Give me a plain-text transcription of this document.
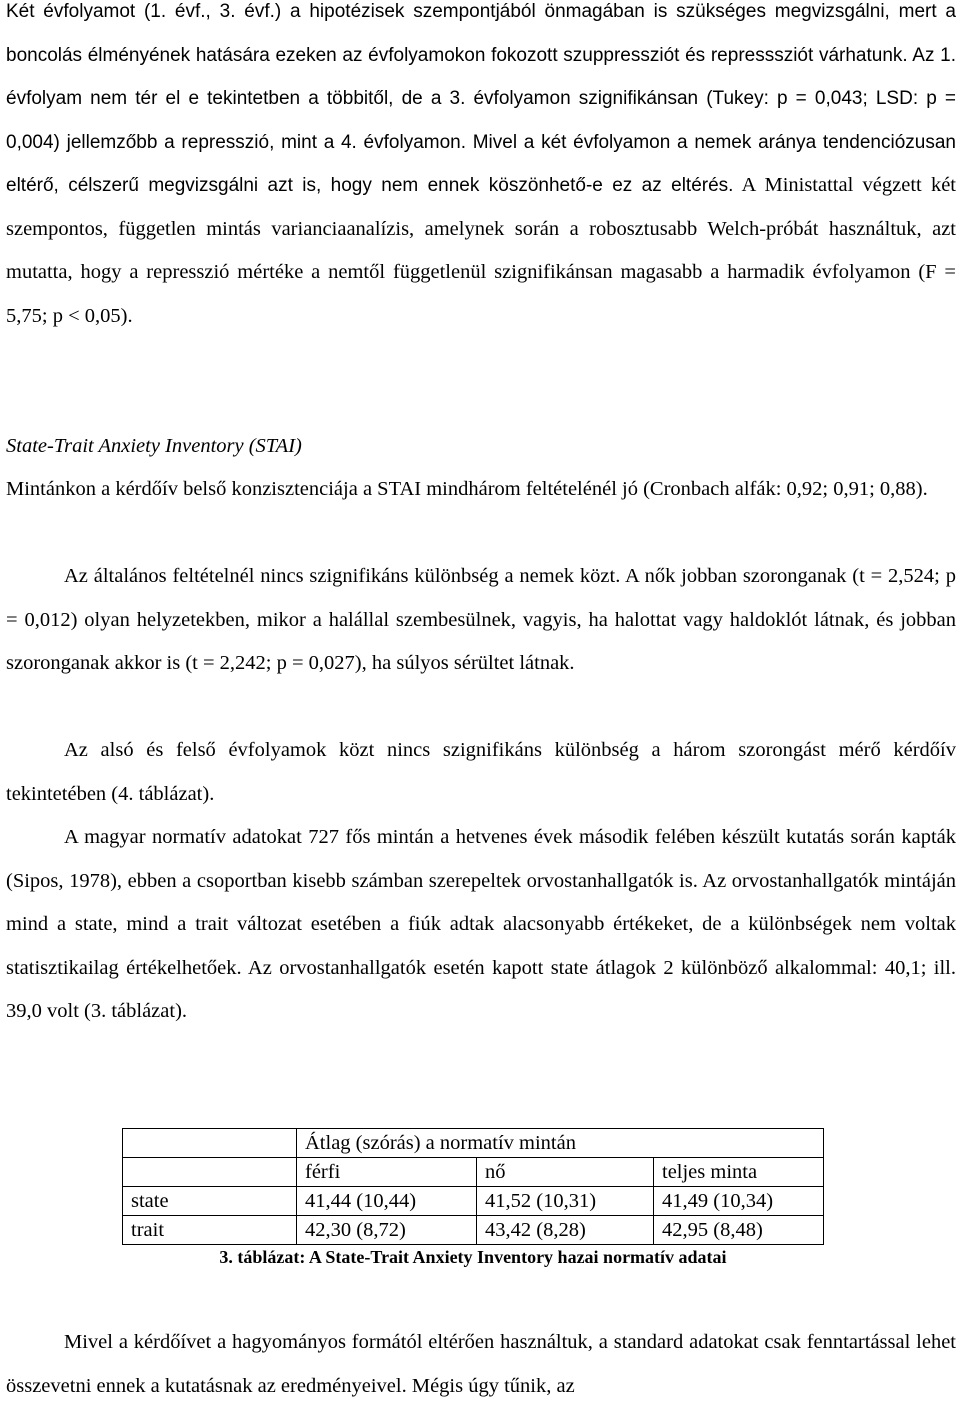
Két évfolyamot (1. évf., 3. évf.) a hipotézisek szempontjából önmagában is szükséges megvizsgálni, mert a boncolás élményének hatására ezeken az évfolyamokon fokozott szuppressziót és represssziót várhatunk. Az 1. évfolyam nem tér el e tekintetben a többitől, de a 3. évfolyamon szignifikánsan (Tukey: p = 0,043; LSD: p = 0,004) jellemzőbb a represszió, mint a 4. évfolyamon. Mivel a két évfolyamon a nemek aránya tendenciózusan eltérő, célszerű megvizsgálni azt is, hogy nem ennek köszönhető-e ez az eltérés. A Ministattal végzett két szempontos, független mintás varianciaanalízis, amelynek során a robosztusabb Welch-próbát használtuk, azt mutatta, hogy a represszió mértéke a nemtől függetlenül szignifikánsan magasabb a harmadik évfolyamon (F = 5,75; p < 0,05).

State-Trait Anxiety Inventory (STAI)

Mintánkon a kérdőív belső konzisztenciája a STAI mindhárom feltételénél jó (Cronbach alfák: 0,92; 0,91; 0,88).

Az általános feltételnél nincs szignifikáns különbség a nemek közt. A nők jobban szoronganak (t = 2,524; p = 0,012) olyan helyzetekben, mikor a halállal szembesülnek, vagyis, ha halottat vagy haldoklót látnak, és jobban szoronganak akkor is (t = 2,242; p = 0,027), ha súlyos sérültet látnak.

Az alsó és felső évfolyamok közt nincs szignifikáns különbség a három szorongást mérő kérdőív tekintetében (4. táblázat).

A magyar normatív adatokat 727 fős mintán a hetvenes évek második felében készült kutatás során kapták (Sipos, 1978), ebben a csoportban kisebb számban szerepeltek orvostanhallgatók is. Az orvostanhallgatók mintáján mind a state, mind a trait változat esetében a fiúk adtak alacsonyabb értékeket, de a különbségek nem voltak statisztikailag értékelhetőek. Az orvostanhallgatók esetén kapott state átlagok 2 különböző alkalommal: 40,1; ill. 39,0 volt (3. táblázat).

	Átlag (szórás) a normatív mintán		
	férfi	nő	teljes minta
state	41,44 (10,44)	41,52 (10,31)	41,49 (10,34)
trait	42,30 (8,72)	43,42 (8,28)	42,95 (8,48)

3. táblázat: A State-Trait Anxiety Inventory hazai normatív adatai

Mivel a kérdőívet a hagyományos formától eltérően használtuk, a standard adatokat csak fenntartással lehet összevetni ennek a kutatásnak az eredményeivel. Mégis úgy tűnik, az
